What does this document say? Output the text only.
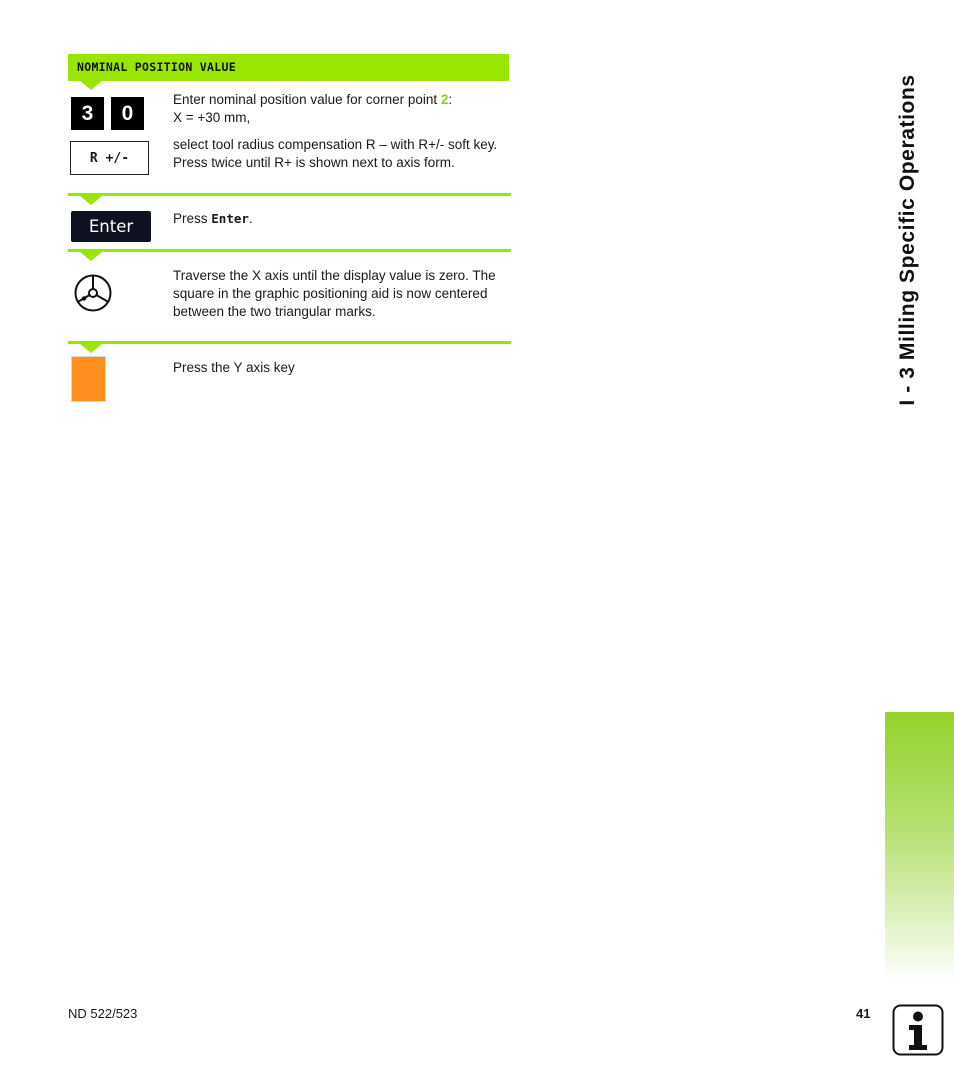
NOMINAL POSITION VALUE
3	0
Enter nominal position value for corner point 2:
X = +30 mm,
R +/-
select tool radius compensation R – with R+/- soft key. Press twice until R+ is shown next to axis form.
Enter	Press Enter.
Traverse the X axis until the display value is zero. The square in the graphic positioning aid is now centered between the two triangular marks.
Press the Y axis key	I - 3 Milling Specific Operations
ND 522/523	41
